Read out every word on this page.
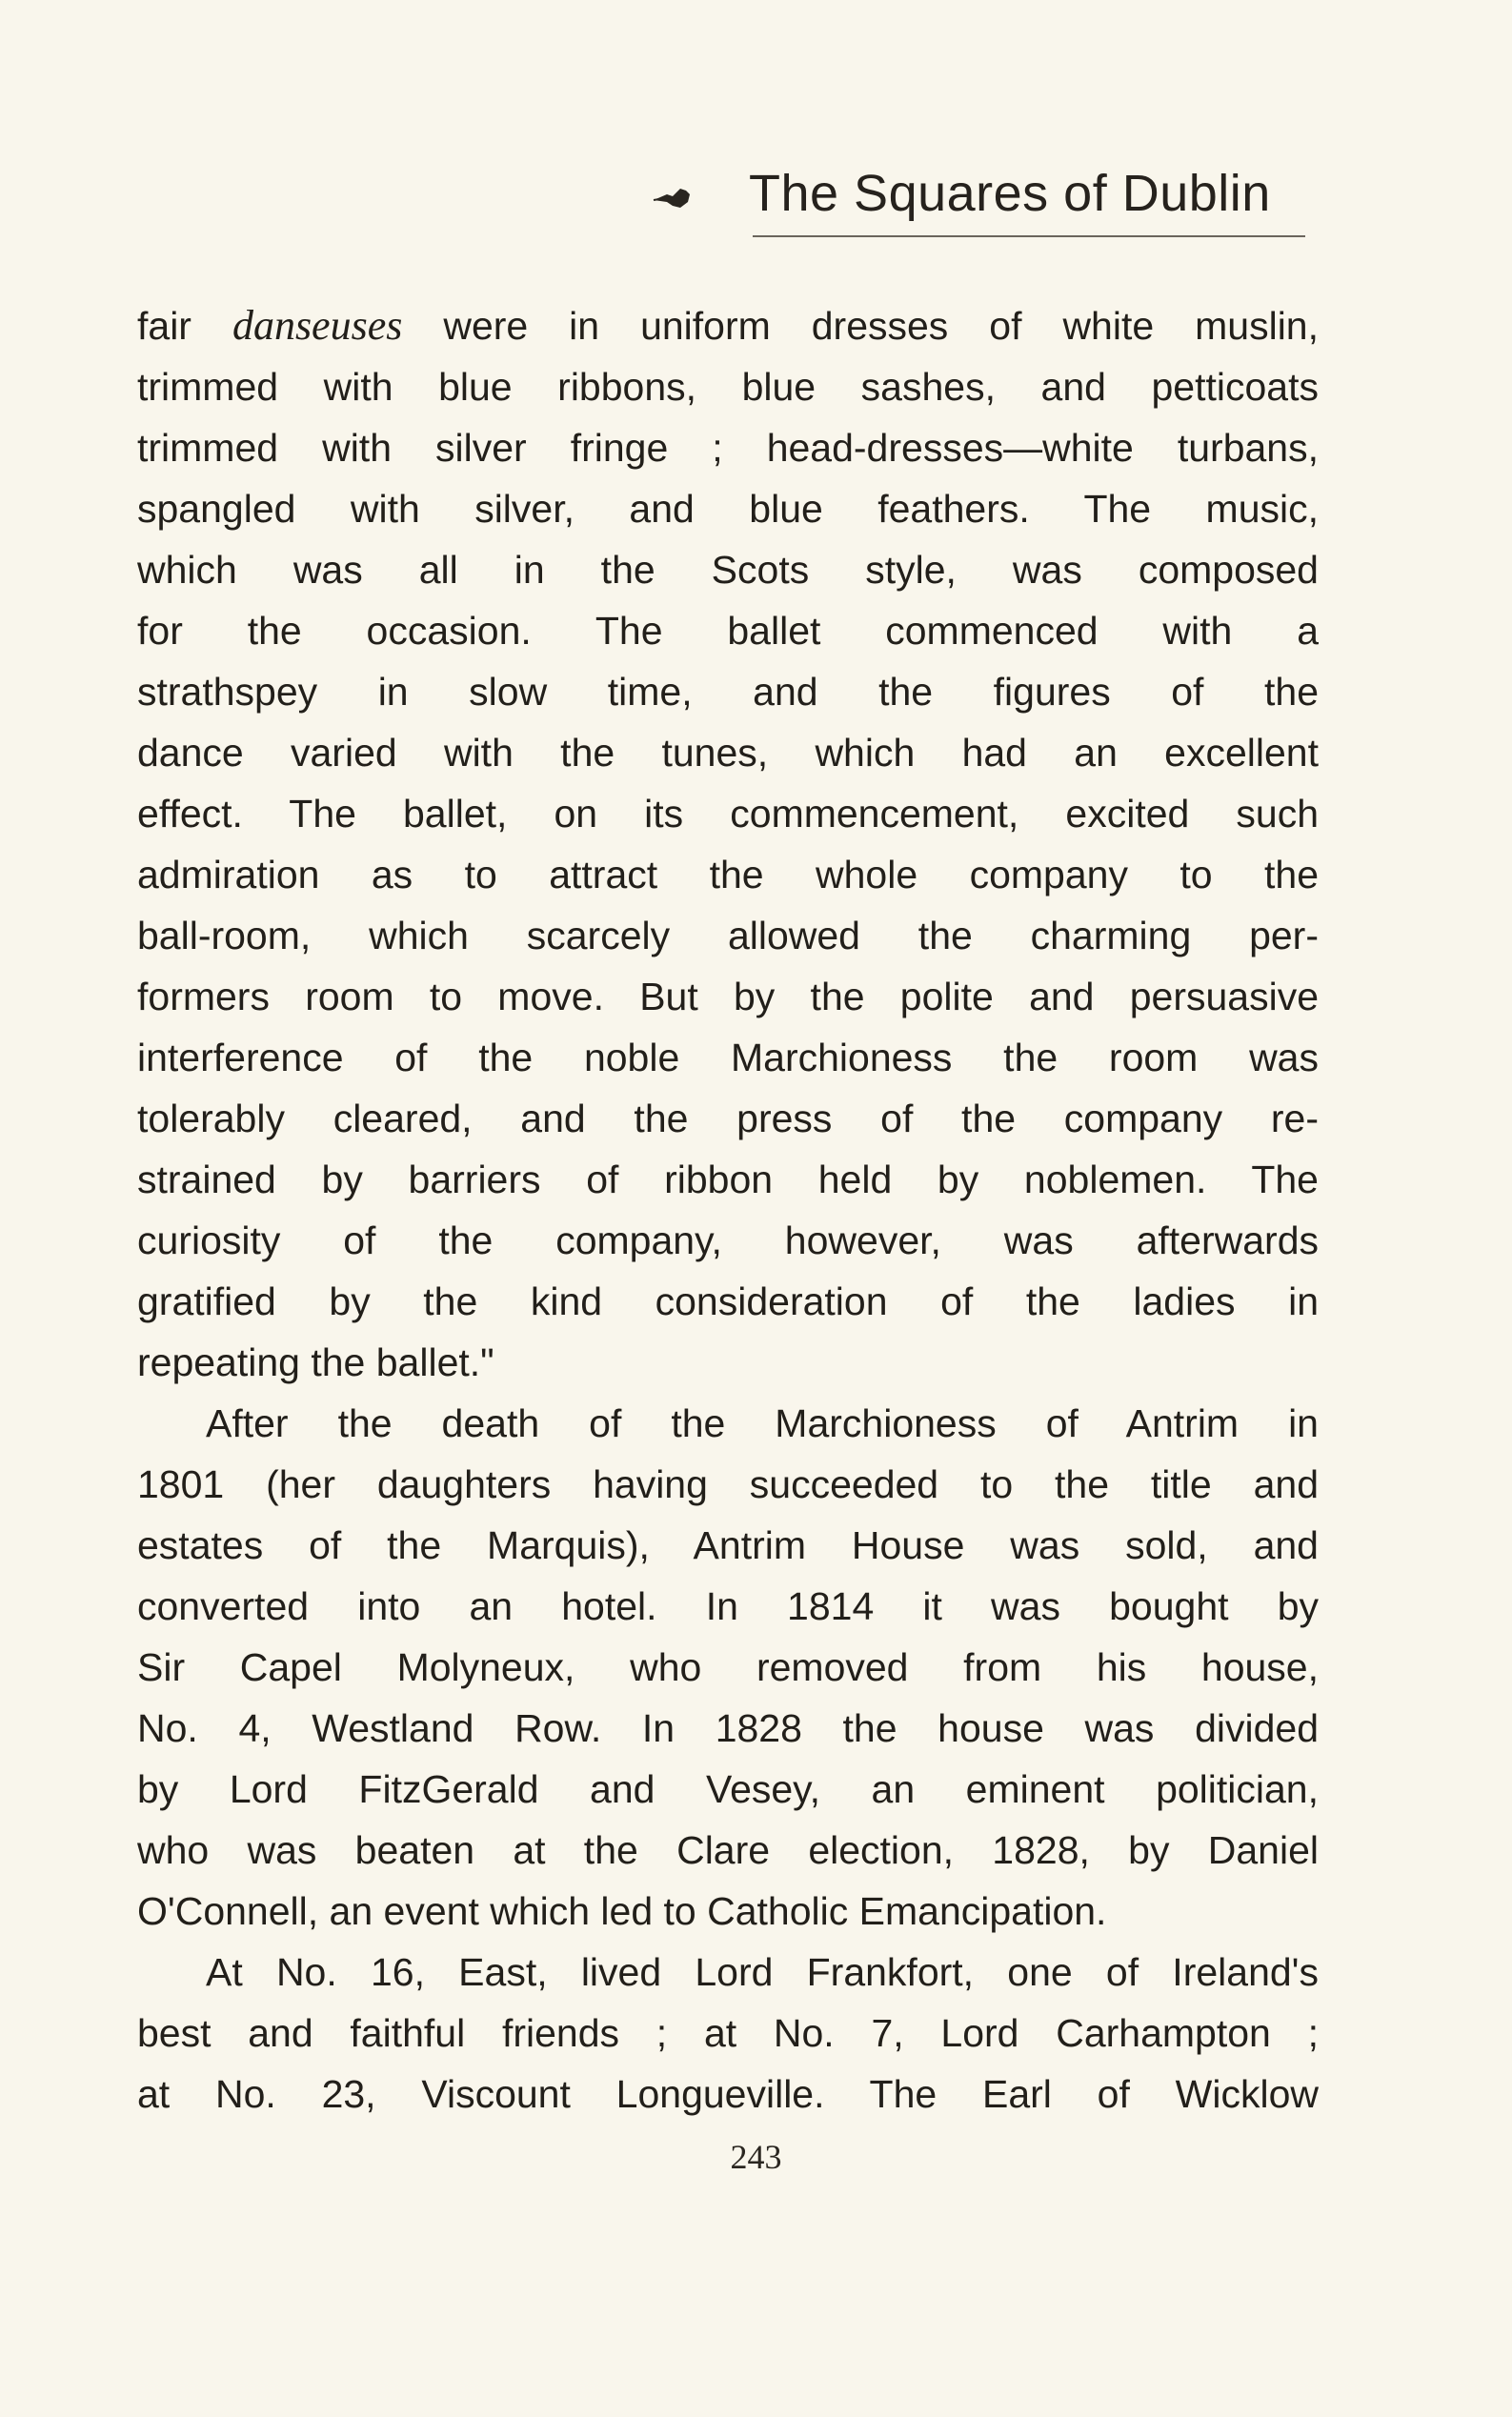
The Squares of Dublin
fair danseuses were in uniform dresses of white muslin,
trimmed with blue ribbons, blue sashes, and petticoats
trimmed with silver fringe ; head-dresses—white turbans,
spangled with silver, and blue feathers. The music,
which was all in the Scots style, was composed
for the occasion. The ballet commenced with a
strathspey in slow time, and the figures of the
dance varied with the tunes, which had an excellent
effect. The ballet, on its commencement, excited such
admiration as to attract the whole company to the
ball-room, which scarcely allowed the charming per-
formers room to move. But by the polite and persuasive
interference of the noble Marchioness the room was
tolerably cleared, and the press of the company re-
strained by barriers of ribbon held by noblemen. The
curiosity of the company, however, was afterwards
gratified by the kind consideration of the ladies in
repeating the ballet."
After the death of the Marchioness of Antrim in
1801 (her daughters having succeeded to the title and
estates of the Marquis), Antrim House was sold, and
converted into an hotel. In 1814 it was bought by
Sir Capel Molyneux, who removed from his house,
No. 4, Westland Row. In 1828 the house was divided
by Lord FitzGerald and Vesey, an eminent politician,
who was beaten at the Clare election, 1828, by Daniel
O'Connell, an event which led to Catholic Emancipation.
At No. 16, East, lived Lord Frankfort, one of Ireland's
best and faithful friends ; at No. 7, Lord Carhampton ;
at No. 23, Viscount Longueville. The Earl of Wicklow
243
